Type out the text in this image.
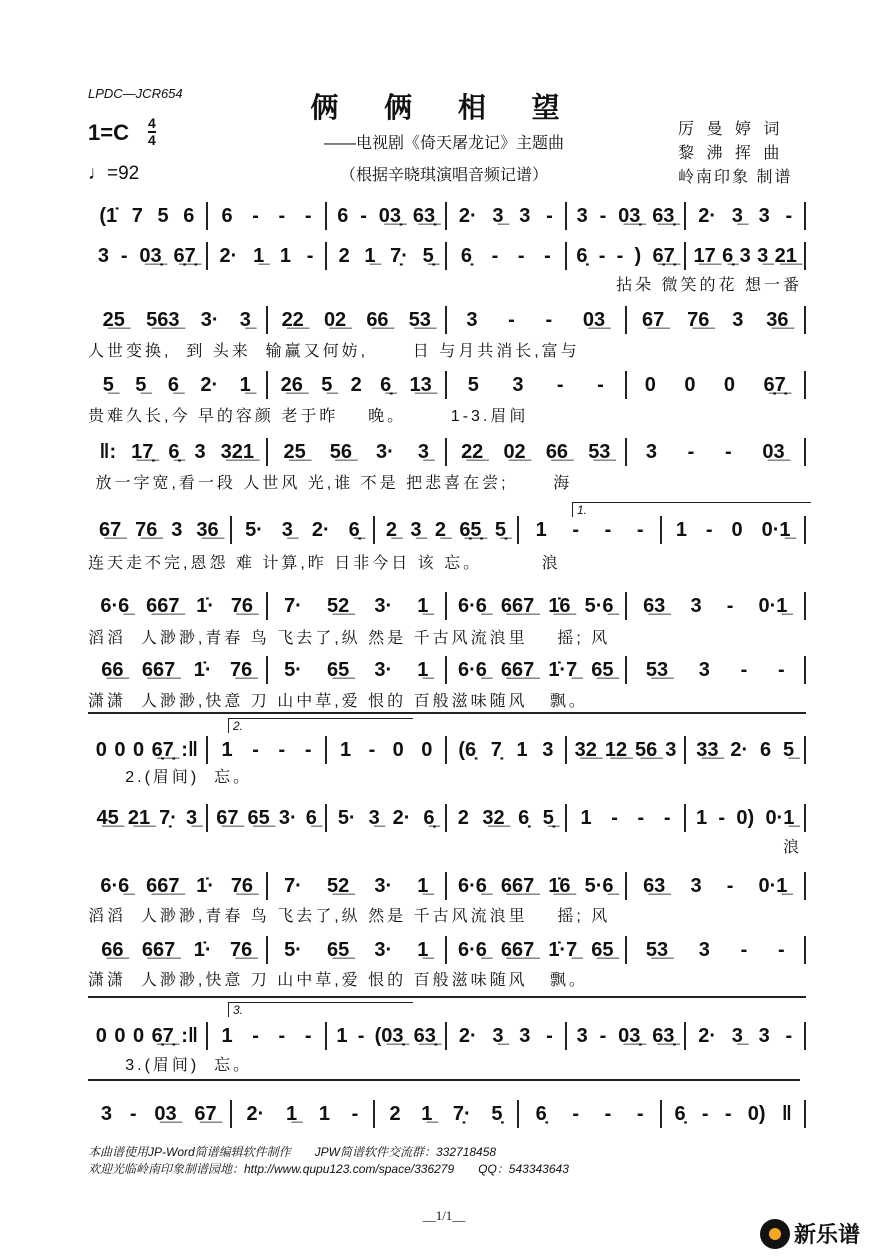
LPDC—JCR654	俩 俩 相 望
1=C 4
4
♩=92
——电视剧《倚天屠龙记》主题曲
（根据辛晓琪演唱音频记谱）
厉 曼 婷 词
黎 沸 挥 曲
岭南印象 制谱
(1̇ 7 5 6 6 - - - 6 - 0̲3̣̲ 6̲3̣̲ 2· 3̲ 3 - 3 - 0̲3̣̲ 6̲3̣̲ 2· 3̲ 3 -
3 - 0̲3̣̲ 6̣̲7̣̲ 2· 1̲ 1 - 2 1̲ 7̣· 5̣̲ 6̣ - - - 6̣ - - ) 6̣̲7̣̲ 1̲7̲ 6̣̲ 3 3̲ 2̲1̲
拈朵 微笑的花 想一番
2̲5̲ 5̲6̲3̲ 3· 3̲ 2̲2̲ 0̲2̲ 6̲6̲ 5̲3̲ 3 - - 0̲3̲ 6̲7̲ 7̲6̲ 3 3̲6̲
人世变换,  到 头来  输赢又何妨,      日 与月共消长,富与
5̲ 5̲ 6̲ 2· 1̲ 2̲6̲ 5̲ 2 6̣̲ 1̲3̲ 5 3 - - 0 0 0 6̣̲7̣̲
贵难久长,今 早的容颜 老于昨    晚。      1-3.眉间
‖: 1̲7̣̲ 6̣̲ 3 3̲2̲1̲ 2̲5̲ 5̲6̲ 3· 3̲ 2̲2̲ 0̲2̲ 6̲6̲ 5̲3̲ 3 - - 0̲3̲
放一字宽,看一段 人世风 光,谁 不是 把悲喜在尝;      海
6̲7̲ 7̲6̲ 3 3̲6̲ 5· 3̲ 2· 6̣̲ 2̲ 3̲ 2̲ 6̣̲5̣̲ 5̣̲ 1 - - - 1 - 0 0·1̲
连天走不完,恩怨 难 计算,昨 日非今日 该 忘。        浪
6·6̲ 6̲6̲7̲ 1̇· 7̲6̲ 7· 5̲2̲ 3· 1̲ 6·6̲ 6̲6̲7̲ 1̲̇6̲ 5·6̲ 6̲3̲ 3 - 0·1̲
滔滔  人渺渺,青春 鸟 飞去了,纵 然是 千古风流浪里    摇; 风
6̲6̲ 6̲6̲7̲ 1̇· 7̲6̲ 5· 6̲5̲ 3· 1̲ 6·6̲ 6̲6̲7̲ 1̇·7̲ 6̲5̲ 5̲3̲ 3 - -
潇潇  人渺渺,快意 刀 山中草,爱 恨的 百般滋味随风   飘。
0 0 0 6̣̲7̣̲ :‖ 1 - - - 1 - 0 0 (6̣ 7̣ 1 3 3̲2̲ 1̲2̲ 5̲6̲ 3 3̲3̲ 2· 6 5̲
2.(眉间)  忘。
4̲5̲ 2̲1̲ 7̣· 3̲ 6̲7̲ 6̲5̲ 3· 6̲ 5· 3̲ 2· 6̣̲ 2 3̲2̲ 6̣ 5̣̲ 1 - - - 1 - 0) 0·1̲
浪
6·6̲ 6̲6̲7̲ 1̇· 7̲6̲ 7· 5̲2̲ 3· 1̲ 6·6̲ 6̲6̲7̲ 1̲̇6̲ 5·6̲ 6̲3̲ 3 - 0·1̲
滔滔  人渺渺,青春 鸟 飞去了,纵 然是 千古风流浪里    摇; 风
6̲6̲ 6̲6̲7̲ 1̇· 7̲6̲ 5· 6̲5̲ 3· 1̲ 6·6̲ 6̲6̲7̲ 1̇·7̲ 6̲5̲ 5̲3̲ 3 - -
潇潇  人渺渺,快意 刀 山中草,爱 恨的 百般滋味随风   飘。
0 0 0 6̣̲7̣̲ :‖ 1 - - - 1 - (0̲3̣̲ 6̲3̣̲ 2· 3̲ 3 - 3 - 0̲3̣̲ 6̲3̣̲ 2· 3̲ 3 -
3.(眉间)  忘。
3 - 0̲3̲ 6̲7̲ 2· 1̲ 1 - 2 1̲ 7̣· 5̣ 6̣ - - - 6̣ - - 0) ‖
1.
2.
3.
本曲谱使用JP-Word简谱编辑软件制作　　JPW简谱软件交流群：332718458
欢迎光临岭南印象制谱园地：http://www.qupu123.com/space/336279　　QQ：543343643
__1/1__
新乐谱
